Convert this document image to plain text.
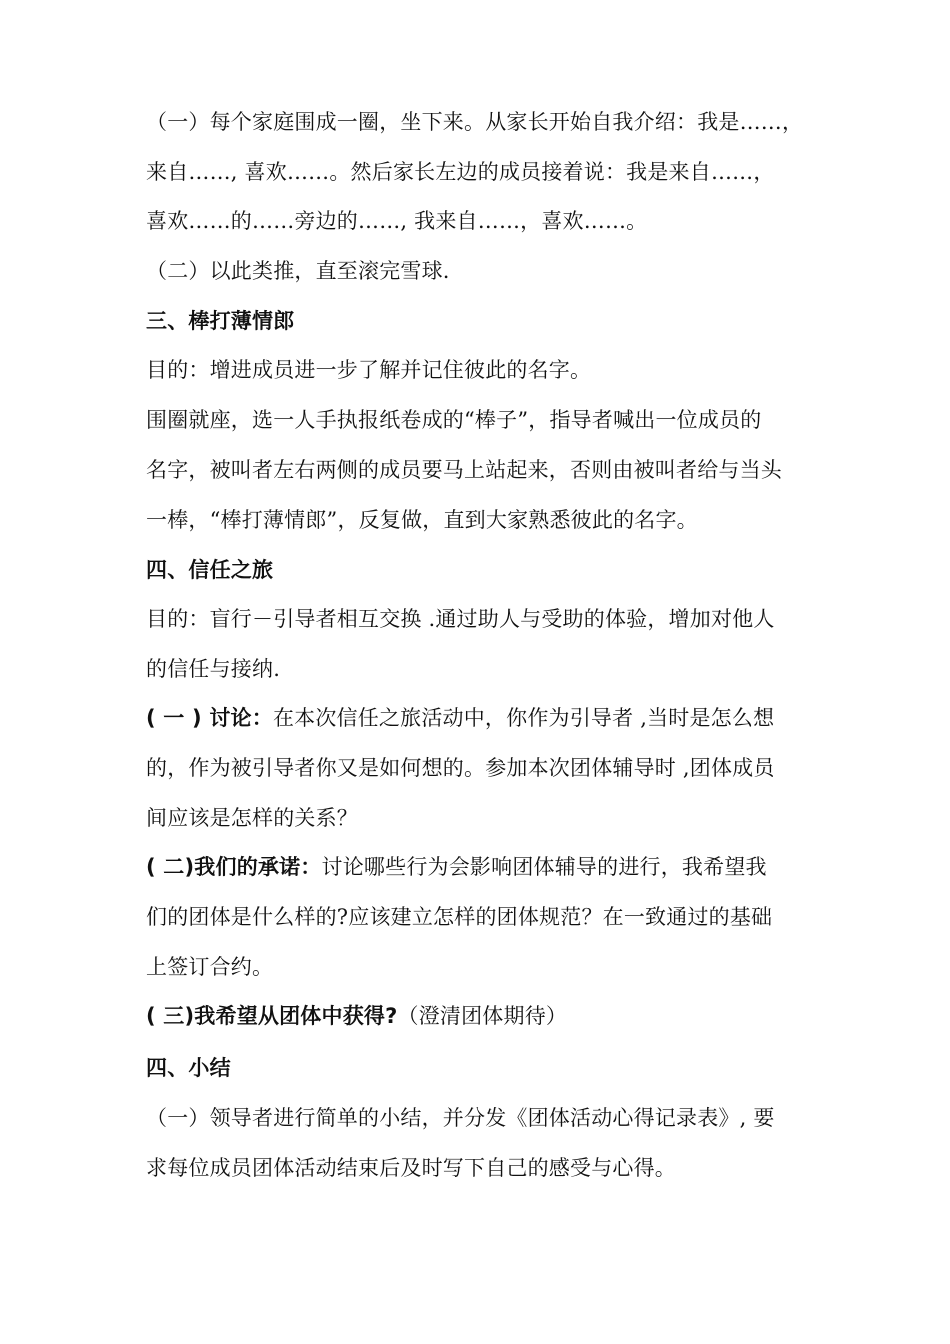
（一）每个家庭围成一圈，坐下来。从家长开始自我介绍：我是……，
来自……, 喜欢……。然后家长左边的成员接着说：我是来自……，
喜欢……的……旁边的……, 我来自……，喜欢……。
（二）以此类推，直至滚完雪球.
三、棒打薄情郎
目的：增进成员进一步了解并记住彼此的名字。
围圈就座，选一人手执报纸卷成的“棒子”，指导者喊出一位成员的
名字，被叫者左右两侧的成员要马上站起来，否则由被叫者给与当头
一棒，“棒打薄情郎”，反复做，直到大家熟悉彼此的名字。
四、信任之旅
目的：盲行－引导者相互交换 .通过助人与受助的体验，增加对他人
的信任与接纳.
( 一 ) 讨论：在本次信任之旅活动中，你作为引导者 ,当时是怎么想
的，作为被引导者你又是如何想的。参加本次团体辅导时 ,团体成员
间应该是怎样的关系？
( 二)我们的承诺：讨论哪些行为会影响团体辅导的进行，我希望我
们的团体是什么样的?应该建立怎样的团体规范？在一致通过的基础
上签订合约。
( 三)我希望从团体中获得?（澄清团体期待）
四、小结
（一）领导者进行简单的小结，并分发《团体活动心得记录表》, 要
求每位成员团体活动结束后及时写下自己的感受与心得。
